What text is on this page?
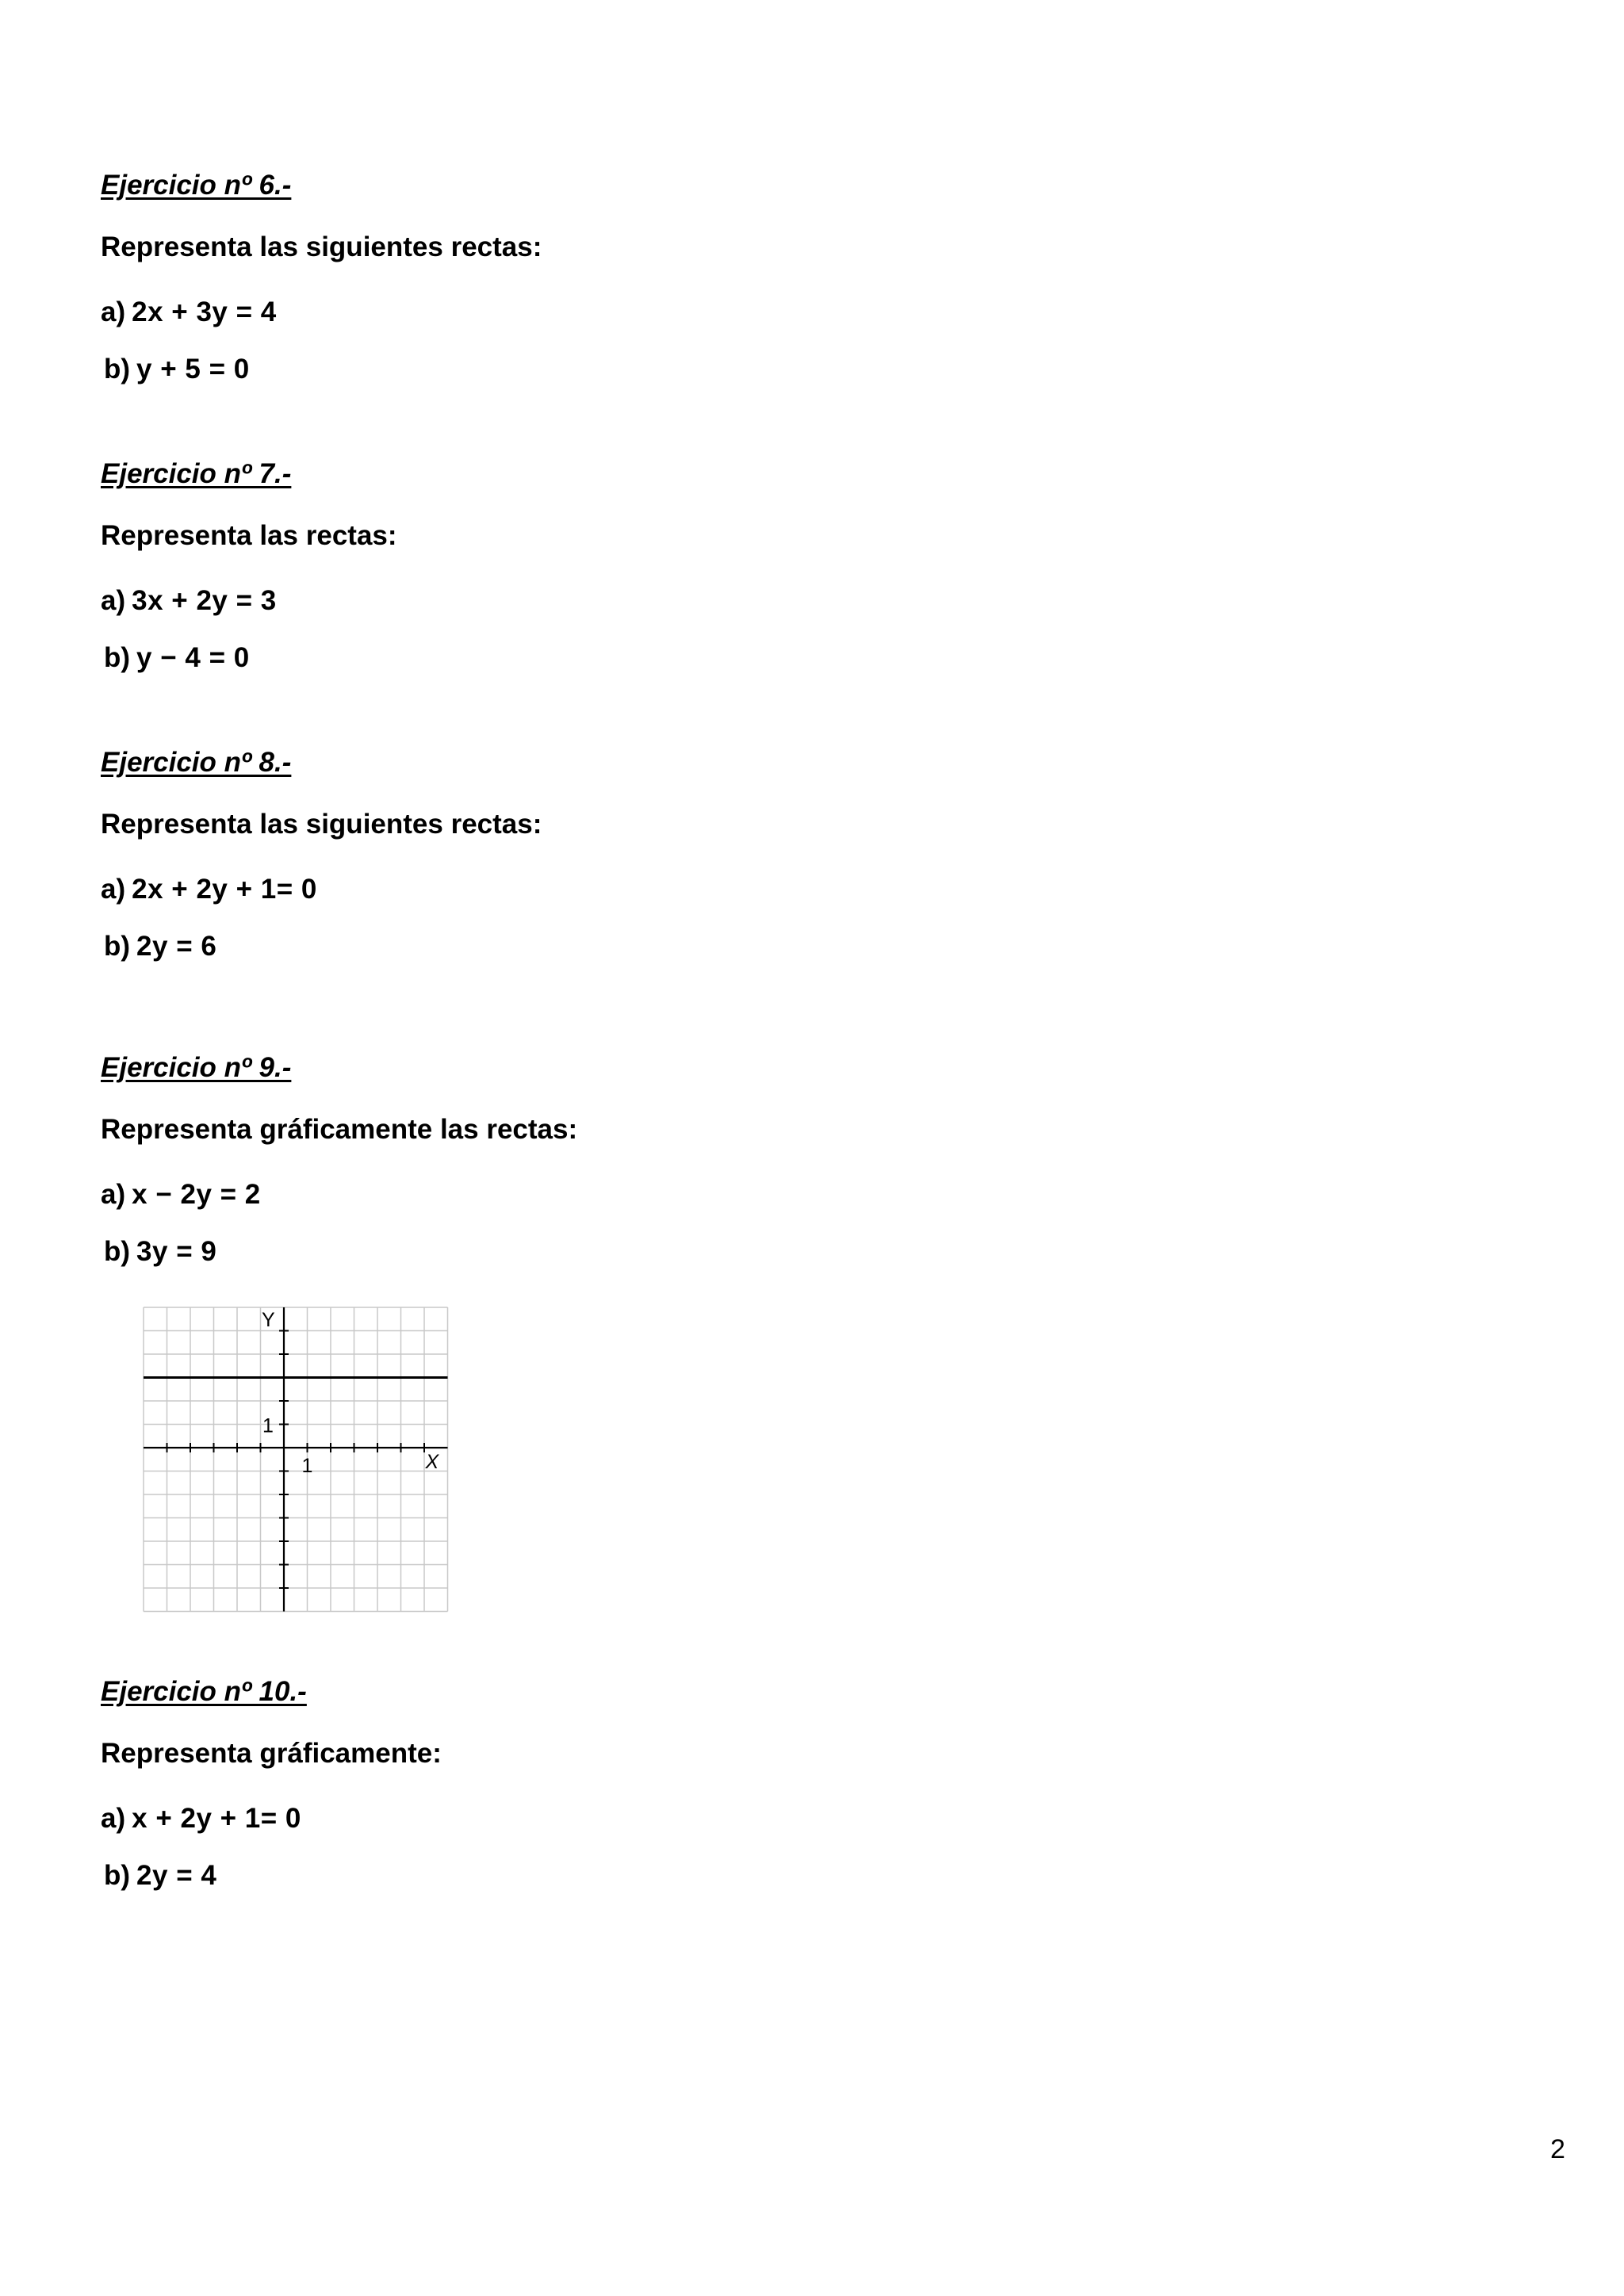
Ejercicio nº 6.-
Representa las siguientes rectas:
a) 2x + 3y = 4
b) y + 5 = 0
Ejercicio nº 7.-
Representa las rectas:
a) 3x + 2y = 3
b) y − 4 = 0
Ejercicio nº 8.-
Representa las siguientes rectas:
a) 2x + 2y + 1= 0
b) 2y = 6
Ejercicio nº 9.-
Representa gráficamente las rectas:
a) x − 2y = 2
b) 3y = 9
Y
X
1
1
Ejercicio nº 10.-
Representa gráficamente:
a) x + 2y + 1= 0
b) 2y = 4
2
